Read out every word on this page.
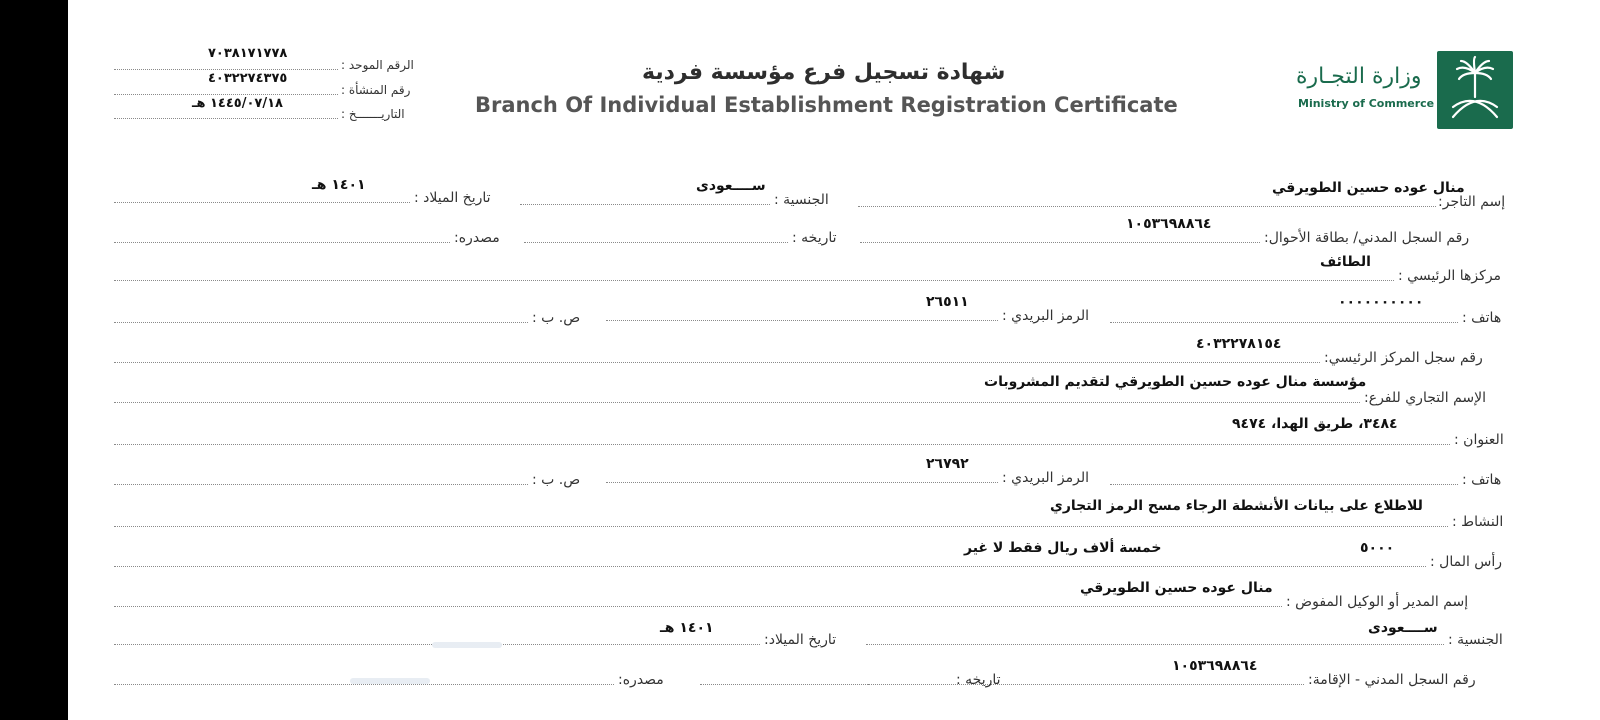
الرقم الموحد :
٧٠٣٨١٧١٧٧٨
رقم المنشأة :
٤٠٣٢٢٧٤٣٧٥
التاريـــــــخ :
١٤٤٥/٠٧/١٨ هـ
شهادة تسجيل فرع مؤسسة فردية
Branch Of Individual Establishment Registration Certificate
وزارة التجـارة
Ministry of Commerce
إسم التاجر:
منال عوده حسين الطويرقي
الجنسية :
ســــعودى
تاريخ الميلاد :
١٤٠١ هـ
رقم السجل المدني/ بطاقة الأحوال:
١٠٥٣٦٩٨٨٦٤
تاريخه :
مصدره:
مركزها الرئيسي :
الطائف
هاتف :
٠٠٠٠٠٠٠٠٠٠
الرمز البريدي :
٢٦٥١١
ص. ب :
رقم سجل المركز الرئيسي:
٤٠٣٢٢٧٨١٥٤
الإسم التجاري للفرع:
مؤسسة منال عوده حسين الطويرقي لتقديم المشروبات
العنوان :
٣٤٨٤، طريق الهدا، ٩٤٧٤
هاتف :
الرمز البريدي :
٢٦٧٩٢
ص. ب :
النشاط :
للاطلاع على بيانات الأنشطة الرجاء مسح الرمز التجاري
رأس المال :
٥٠٠٠
خمسة ألاف ريال فقط لا غير
إسم المدير أو الوكيل المفوض :
منال عوده حسين الطويرقي
الجنسية :
ســــعودى
تاريخ الميلاد:
١٤٠١ هـ
رقم السجل المدني - الإقامة:
١٠٥٣٦٩٨٨٦٤
تاريخه :
مصدره:
